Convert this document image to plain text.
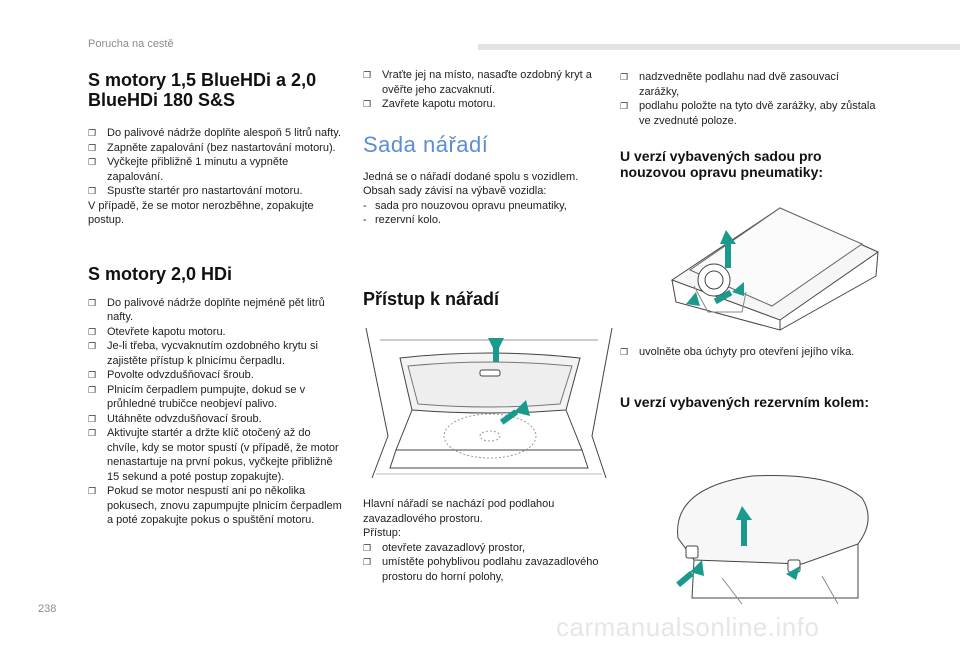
Porucha na cestě
S motory 1,5 BlueHDi a 2,0 BlueHDi 180 S&S
❐ Do palivové nádrže doplňte alespoň 5 litrů nafty.
❐ Zapněte zapalování (bez nastartování motoru).
❐ Vyčkejte přibližně 1 minutu a vypněte zapalování.
❐ Spusťte startér pro nastartování motoru.

V případě, že se motor nerozběhne, zopakujte postup.

S motory 2,0 HDi
❐ Do palivové nádrže doplňte nejméně pět litrů nafty.
❐ Otevřete kapotu motoru.
❐ Je-li třeba, vycvaknutím ozdobného krytu si zajistěte přístup k plnicímu čerpadlu.
❐ Povolte odvzdušňovací šroub.
❐ Plnicím čerpadlem pumpujte, dokud se v průhledné trubičce neobjeví palivo.
❐ Utáhněte odvzdušňovací šroub.
❐ Aktivujte startér a držte klíč otočený až do chvíle, kdy se motor spustí (v případě, že motor nenastartuje na první pokus, vyčkejte přibližně 15 sekund a poté postup zopakujte).
❐ Pokud se motor nespustí ani po několika pokusech, znovu zapumpujte plnicím čerpadlem a poté zopakujte pokus o spuštění motoru.
❐ Vraťte jej na místo, nasaďte ozdobný kryt a ověřte jeho zacvaknutí.
❐ Zavřete kapotu motoru.
Sada nářadí

Jedná se o nářadí dodané spolu s vozidlem.

Obsah sady závisí na výbavě vozidla:

- sada pro nouzovou opravu pneumatiky,
- rezervní kolo.
Přístup k nářadí

Hlavní nářadí se nachází pod podlahou zavazadlového prostoru.

Přístup:

❐ otevřete zavazadlový prostor,
❐ umístěte pohyblivou podlahu zavazadlového prostoru do horní polohy,
❐ nadzvedněte podlahu nad dvě zasouvací zarážky,
❐ podlahu položte na tyto dvě zarážky, aby zůstala ve zvednuté poloze.
U verzí vybavených sadou pro nouzovou opravu pneumatiky:
❐ uvolněte oba úchyty pro otevření jejího víka.
U verzí vybavených rezervním kolem:
238
carmanualsonline.info
